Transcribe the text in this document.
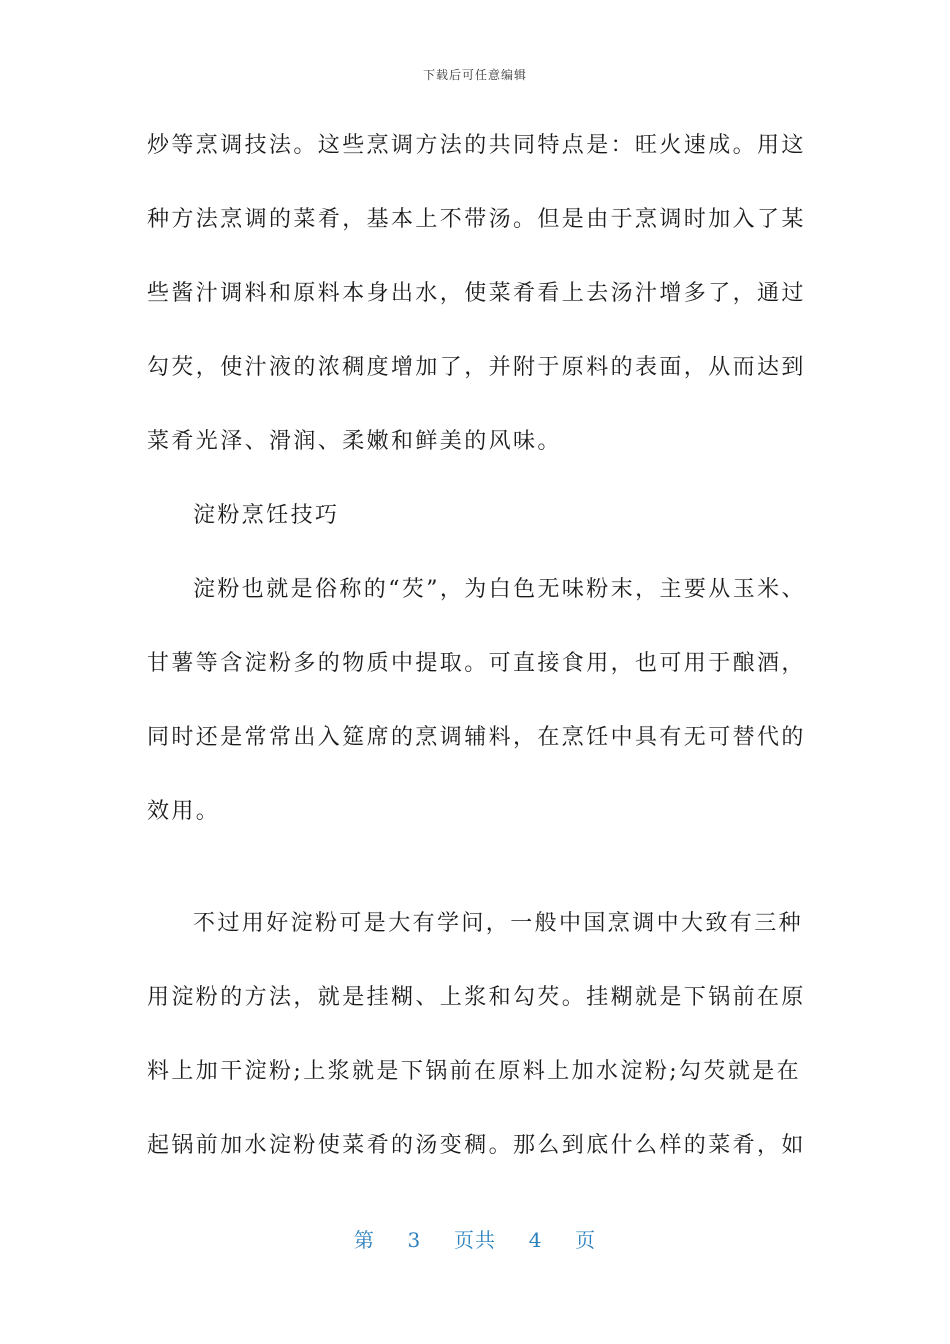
下载后可任意编辑
炒等烹调技法。这些烹调方法的共同特点是：旺火速成。用这
种方法烹调的菜肴，基本上不带汤。但是由于烹调时加入了某
些酱汁调料和原料本身出水，使菜肴看上去汤汁增多了，通过
勾芡，使汁液的浓稠度增加了，并附于原料的表面，从而达到
菜肴光泽、滑润、柔嫩和鲜美的风味。
淀粉烹饪技巧
淀粉也就是俗称的“芡”，为白色无味粉末，主要从玉米、
甘薯等含淀粉多的物质中提取。可直接食用，也可用于酿酒，
同时还是常常出入筵席的烹调辅料，在烹饪中具有无可替代的
效用。
不过用好淀粉可是大有学问，一般中国烹调中大致有三种
用淀粉的方法，就是挂糊、上浆和勾芡。挂糊就是下锅前在原
料上加干淀粉;上浆就是下锅前在原料上加水淀粉;勾芡就是在
起锅前加水淀粉使菜肴的汤变稠。那么到底什么样的菜肴，如
第 3 页共 4 页
